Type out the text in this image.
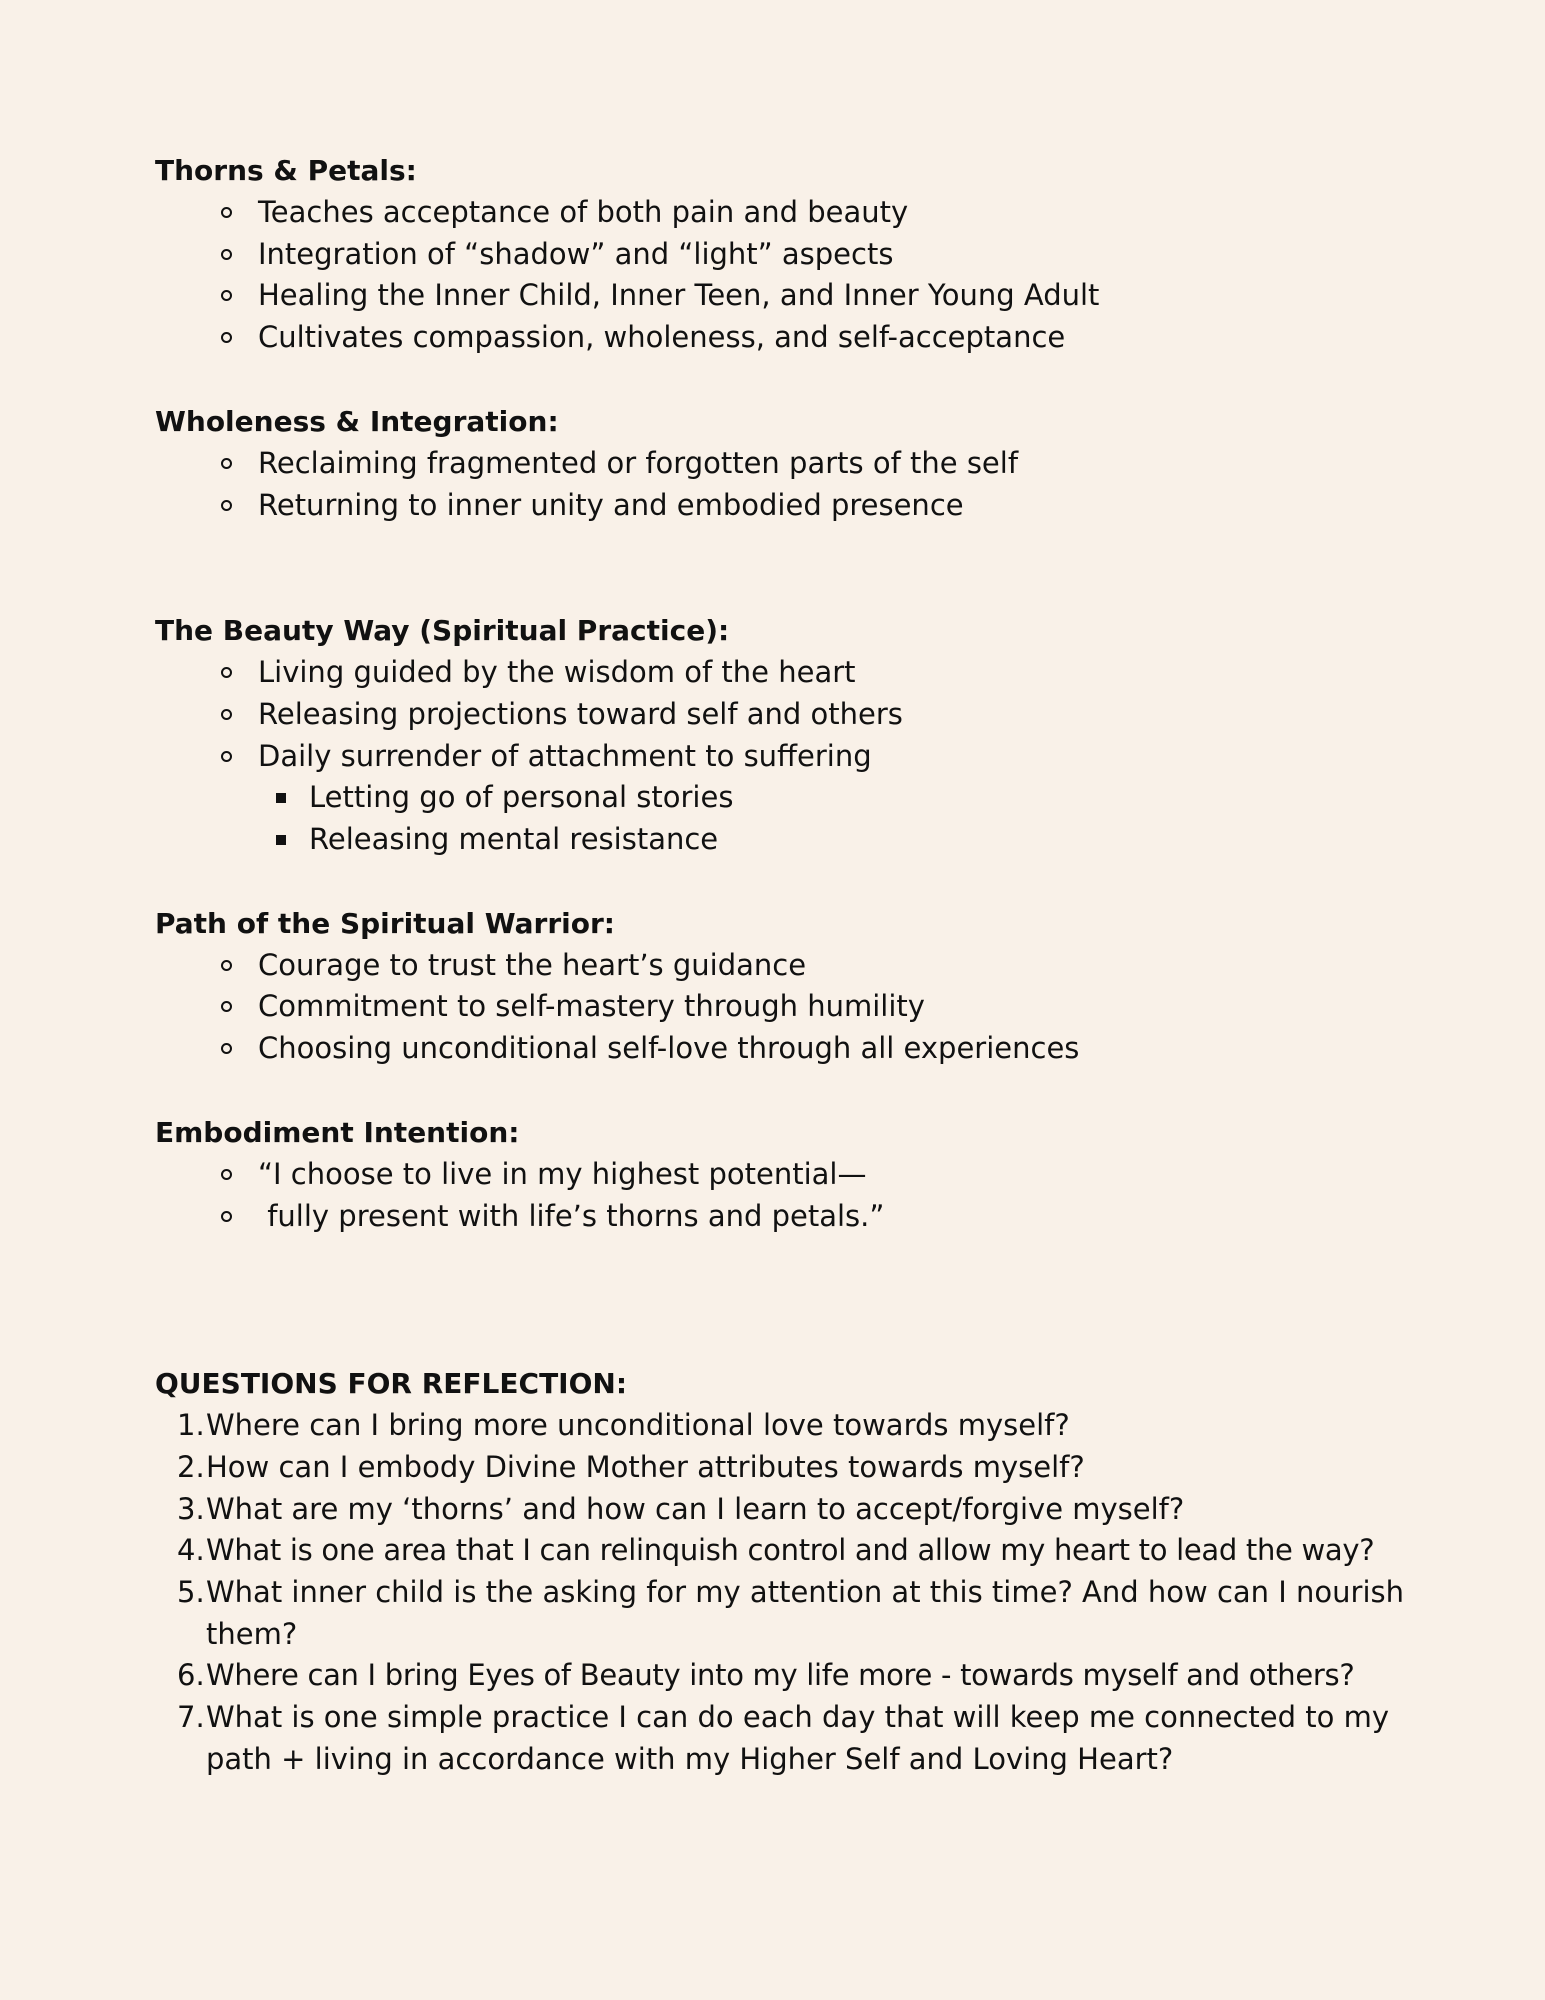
Thorns & Petals:
Teaches acceptance of both pain and beauty
Integration of “shadow” and “light” aspects
Healing the Inner Child, Inner Teen, and Inner Young Adult
Cultivates compassion, wholeness, and self-acceptance
Wholeness & Integration:
Reclaiming fragmented or forgotten parts of the self
Returning to inner unity and embodied presence
The Beauty Way (Spiritual Practice):
Living guided by the wisdom of the heart
Releasing projections toward self and others
Daily surrender of attachment to suffering
Letting go of personal stories
Releasing mental resistance
Path of the Spiritual Warrior:
Courage to trust the heart’s guidance
Commitment to self-mastery through humility
Choosing unconditional self-love through all experiences
Embodiment Intention:
“I choose to live in my highest potential—
fully present with life’s thorns and petals.”
QUESTIONS FOR REFLECTION:
1. Where can I bring more unconditional love towards myself?
2. How can I embody Divine Mother attributes towards myself?
3. What are my ‘thorns’ and how can I learn to accept/forgive myself?
4. What is one area that I can relinquish control and allow my heart to lead the way?
5. What inner child is the asking for my attention at this time? And how can I nourish them?
6. Where can I bring Eyes of Beauty into my life more - towards myself and others?
7. What is one simple practice I can do each day that will keep me connected to my path + living in accordance with my Higher Self and Loving Heart?
